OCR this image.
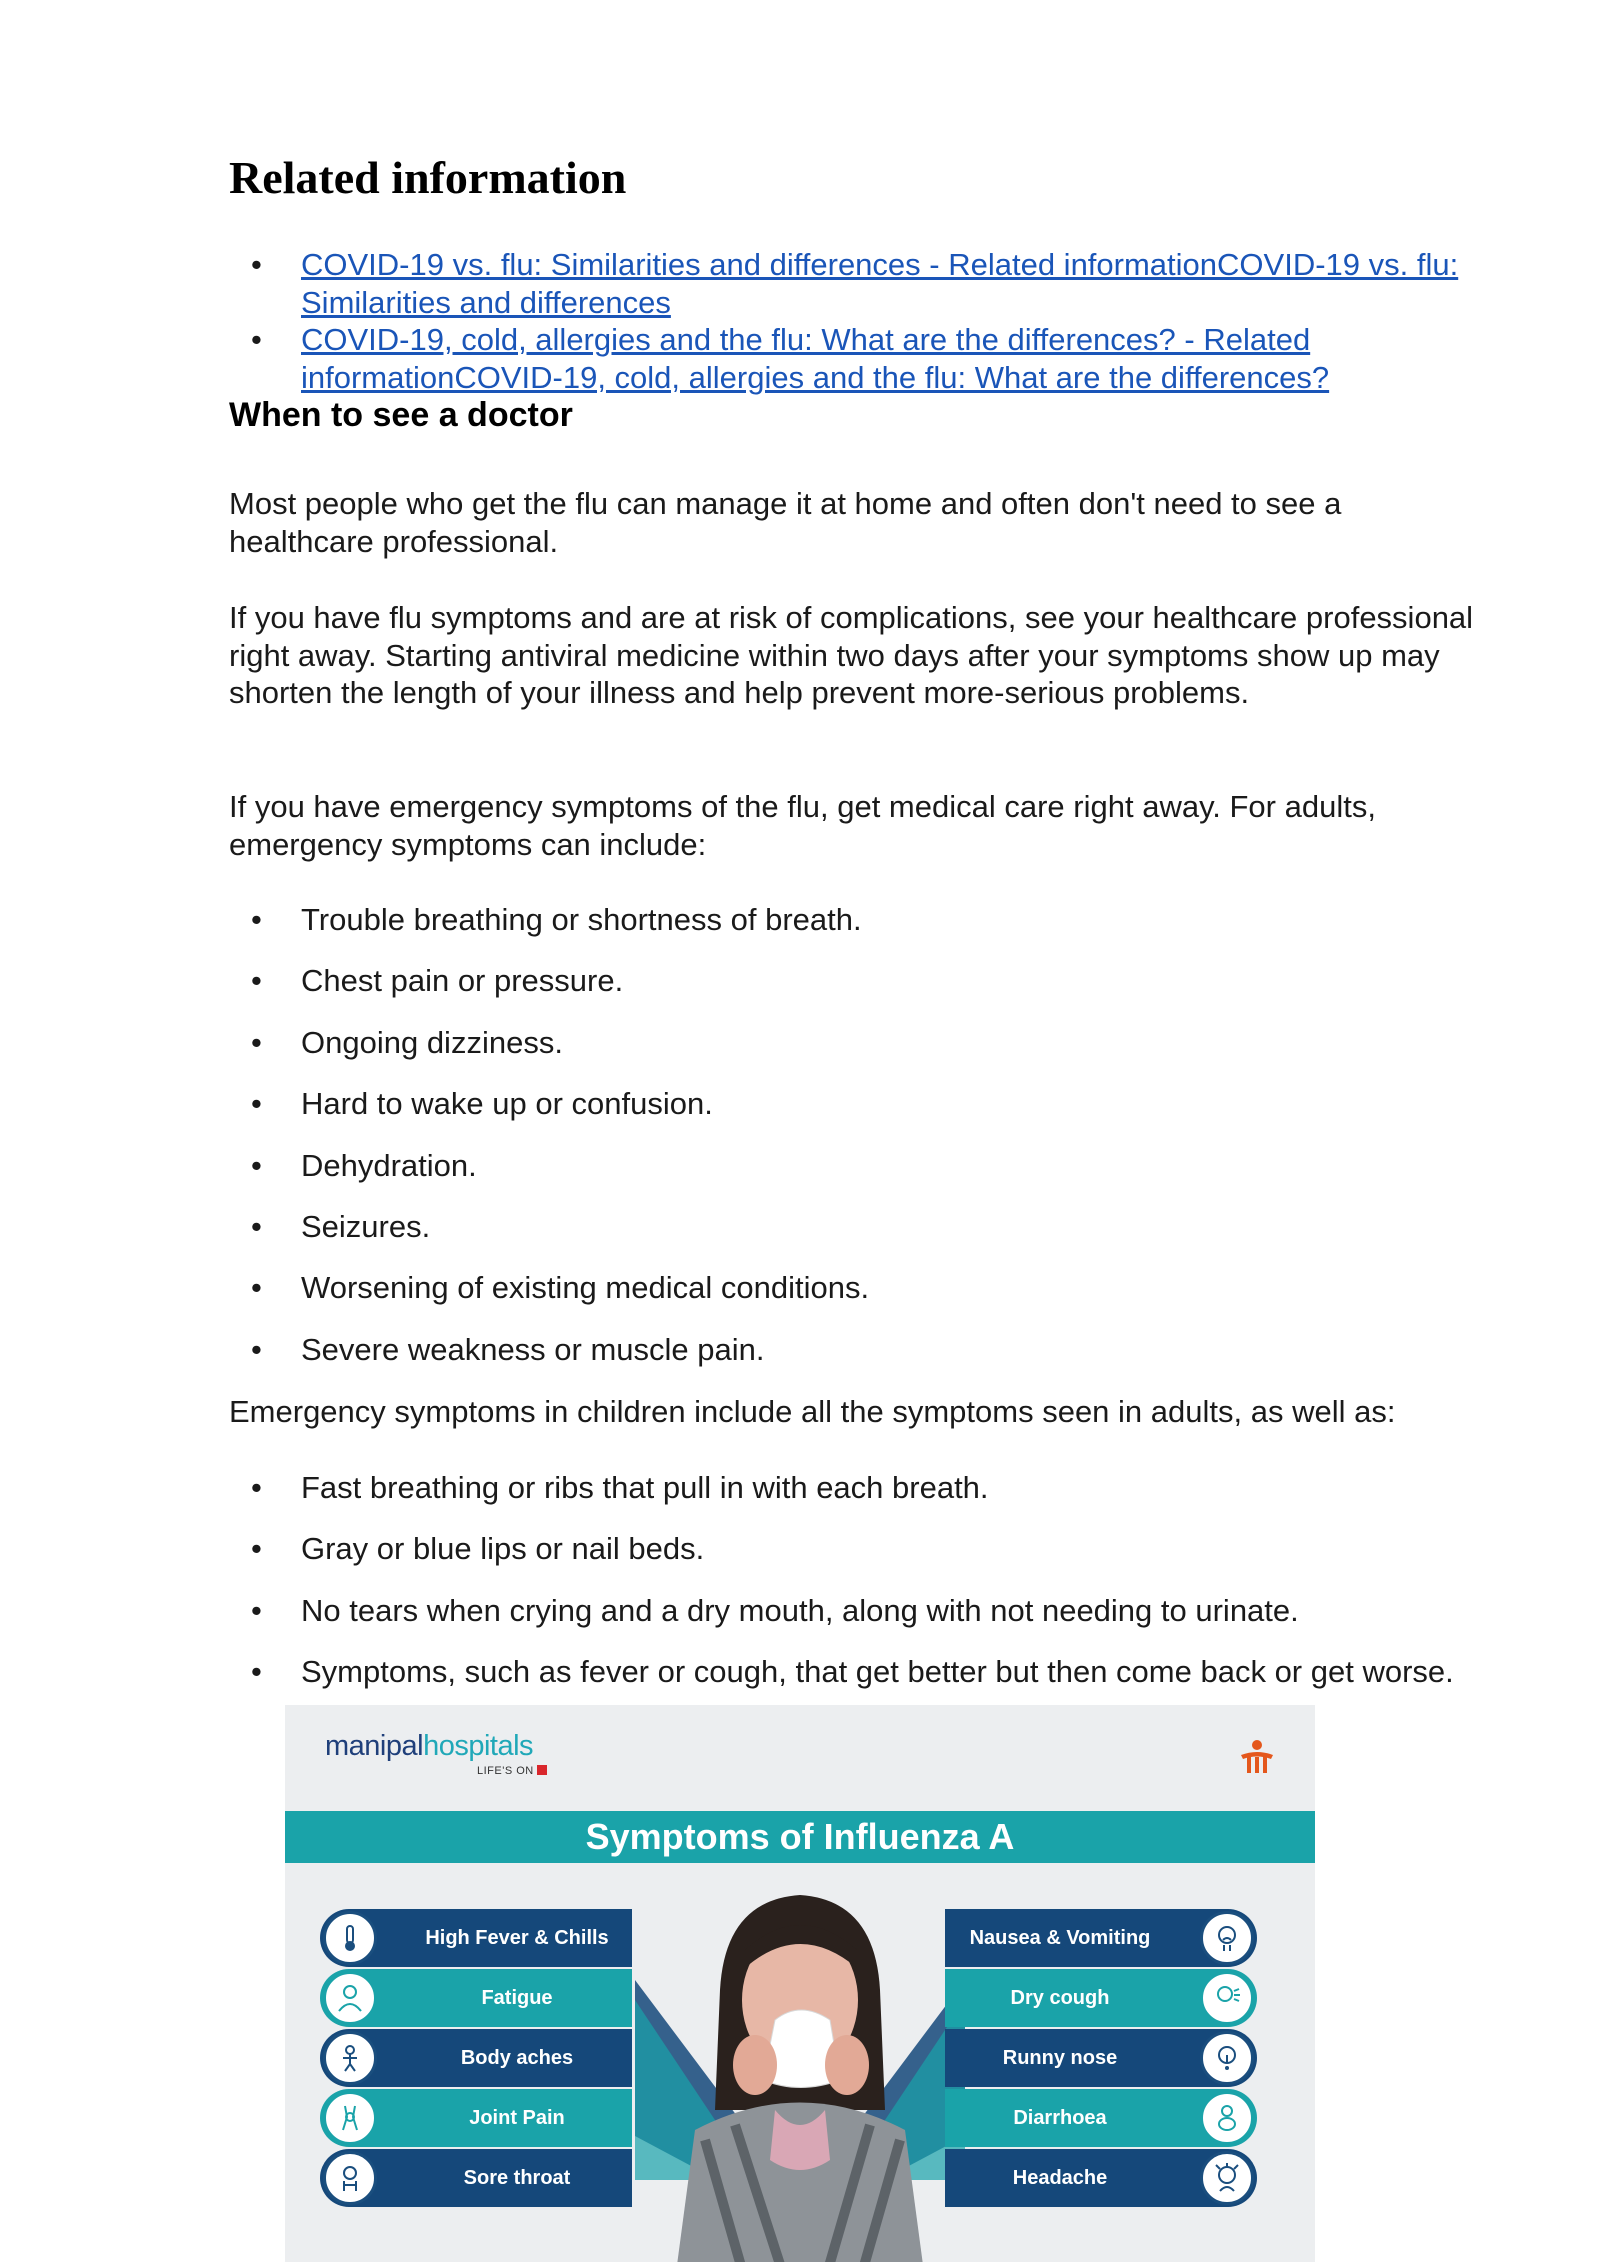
Related information
• COVID-19 vs. flu: Similarities and differences - Related informationCOVID-19 vs. flu: Similarities and differences
• COVID-19, cold, allergies and the flu: What are the differences? - Related informationCOVID-19, cold, allergies and the flu: What are the differences?
When to see a doctor

Most people who get the flu can manage it at home and often don't need to see a healthcare professional.

If you have flu symptoms and are at risk of complications, see your healthcare professional right away. Starting antiviral medicine within two days after your symptoms show up may shorten the length of your illness and help prevent more-serious problems.

If you have emergency symptoms of the flu, get medical care right away. For adults, emergency symptoms can include:

• Trouble breathing or shortness of breath.
• Chest pain or pressure.
• Ongoing dizziness.
• Hard to wake up or confusion.
• Dehydration.
• Seizures.
• Worsening of existing medical conditions.
• Severe weakness or muscle pain.

Emergency symptoms in children include all the symptoms seen in adults, as well as:

• Fast breathing or ribs that pull in with each breath.
• Gray or blue lips or nail beds.
• No tears when crying and a dry mouth, along with not needing to urinate.
• Symptoms, such as fever or cough, that get better but then come back or get worse.
manipalhospitals
LIFE'S ON
Symptoms of Influenza A
High Fever & Chills
Fatigue
Body aches
Joint Pain
Sore throat
Nausea & Vomiting
Dry cough
Runny nose
Diarrhoea
Headache
